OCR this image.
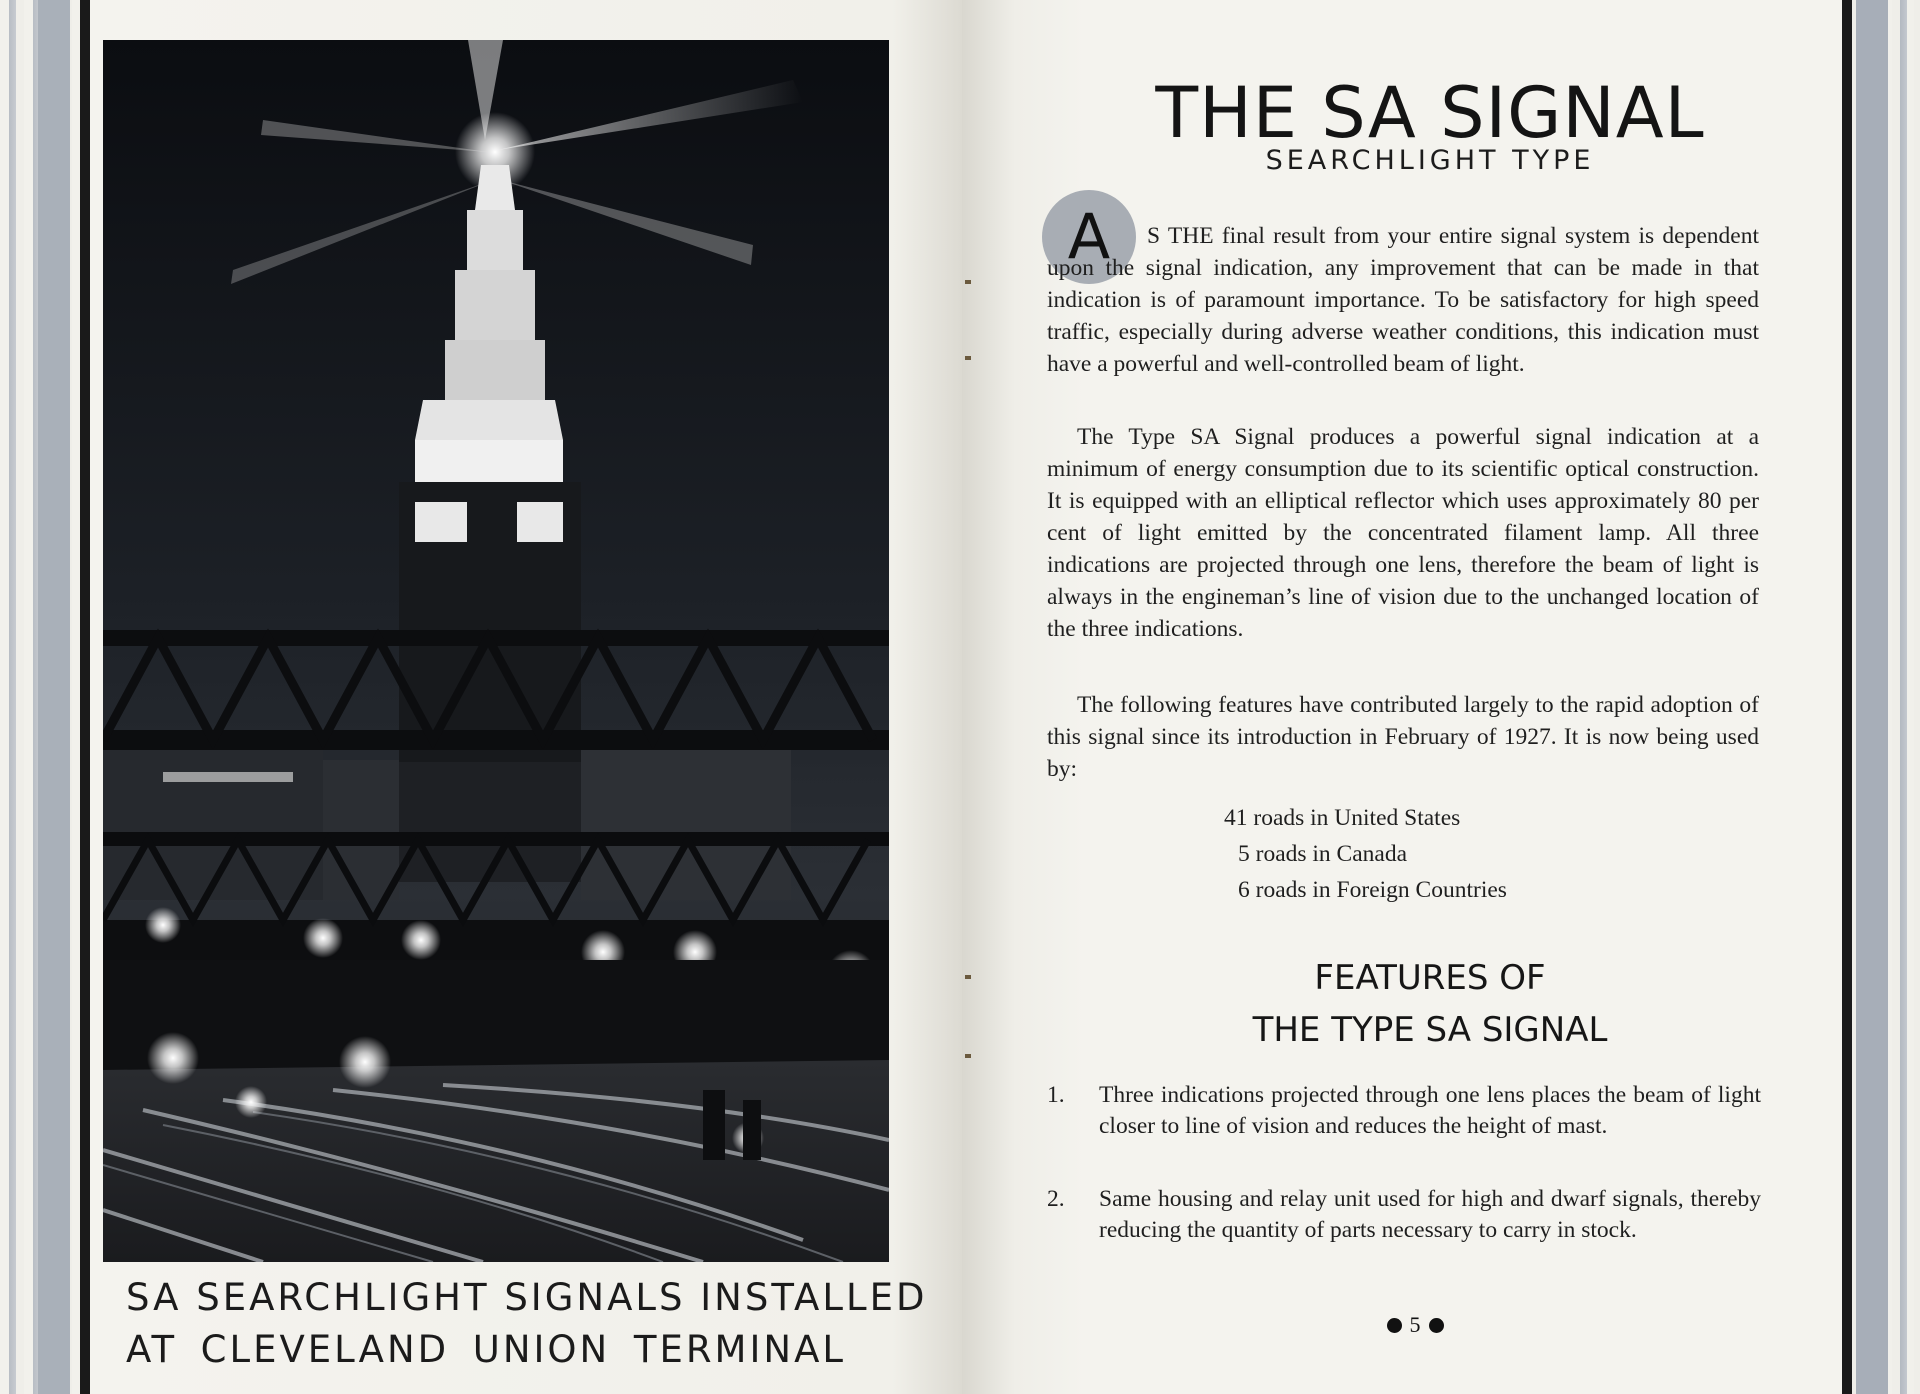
SA SEARCHLIGHT SIGNALS INSTALLED
AT CLEVELAND UNION TERMINAL
THE SA SIGNAL
SEARCHLIGHT TYPE
A	S THE final result from your entire signal system is dependent upon the signal indication, any improvement that can be made in that indication is of paramount importance. To be satisfactory for high speed traffic, especially during adverse weather conditions, this indication must have a powerful and well-controlled beam of light.

The Type SA Signal produces a powerful signal indication at a minimum of energy consumption due to its scientific optical construction. It is equipped with an elliptical reflector which uses approximately 80 per cent of light emitted by the concentrated filament lamp. All three indications are projected through one lens, therefore the beam of light is always in the engineman’s line of vision due to the unchanged location of the three indications.

The following features have contributed largely to the rapid adoption of this signal since its introduction in February of 1927. It is now being used by:

41 roads in United States
5 roads in Canada
6 roads in Foreign Countries
FEATURES OF
THE TYPE SA SIGNAL
1.	Three indications projected through one lens places the beam of light closer to line of vision and reduces the height of mast.
2.	Same housing and relay unit used for high and dwarf signals, thereby reducing the quantity of parts necessary to carry in stock.
5
